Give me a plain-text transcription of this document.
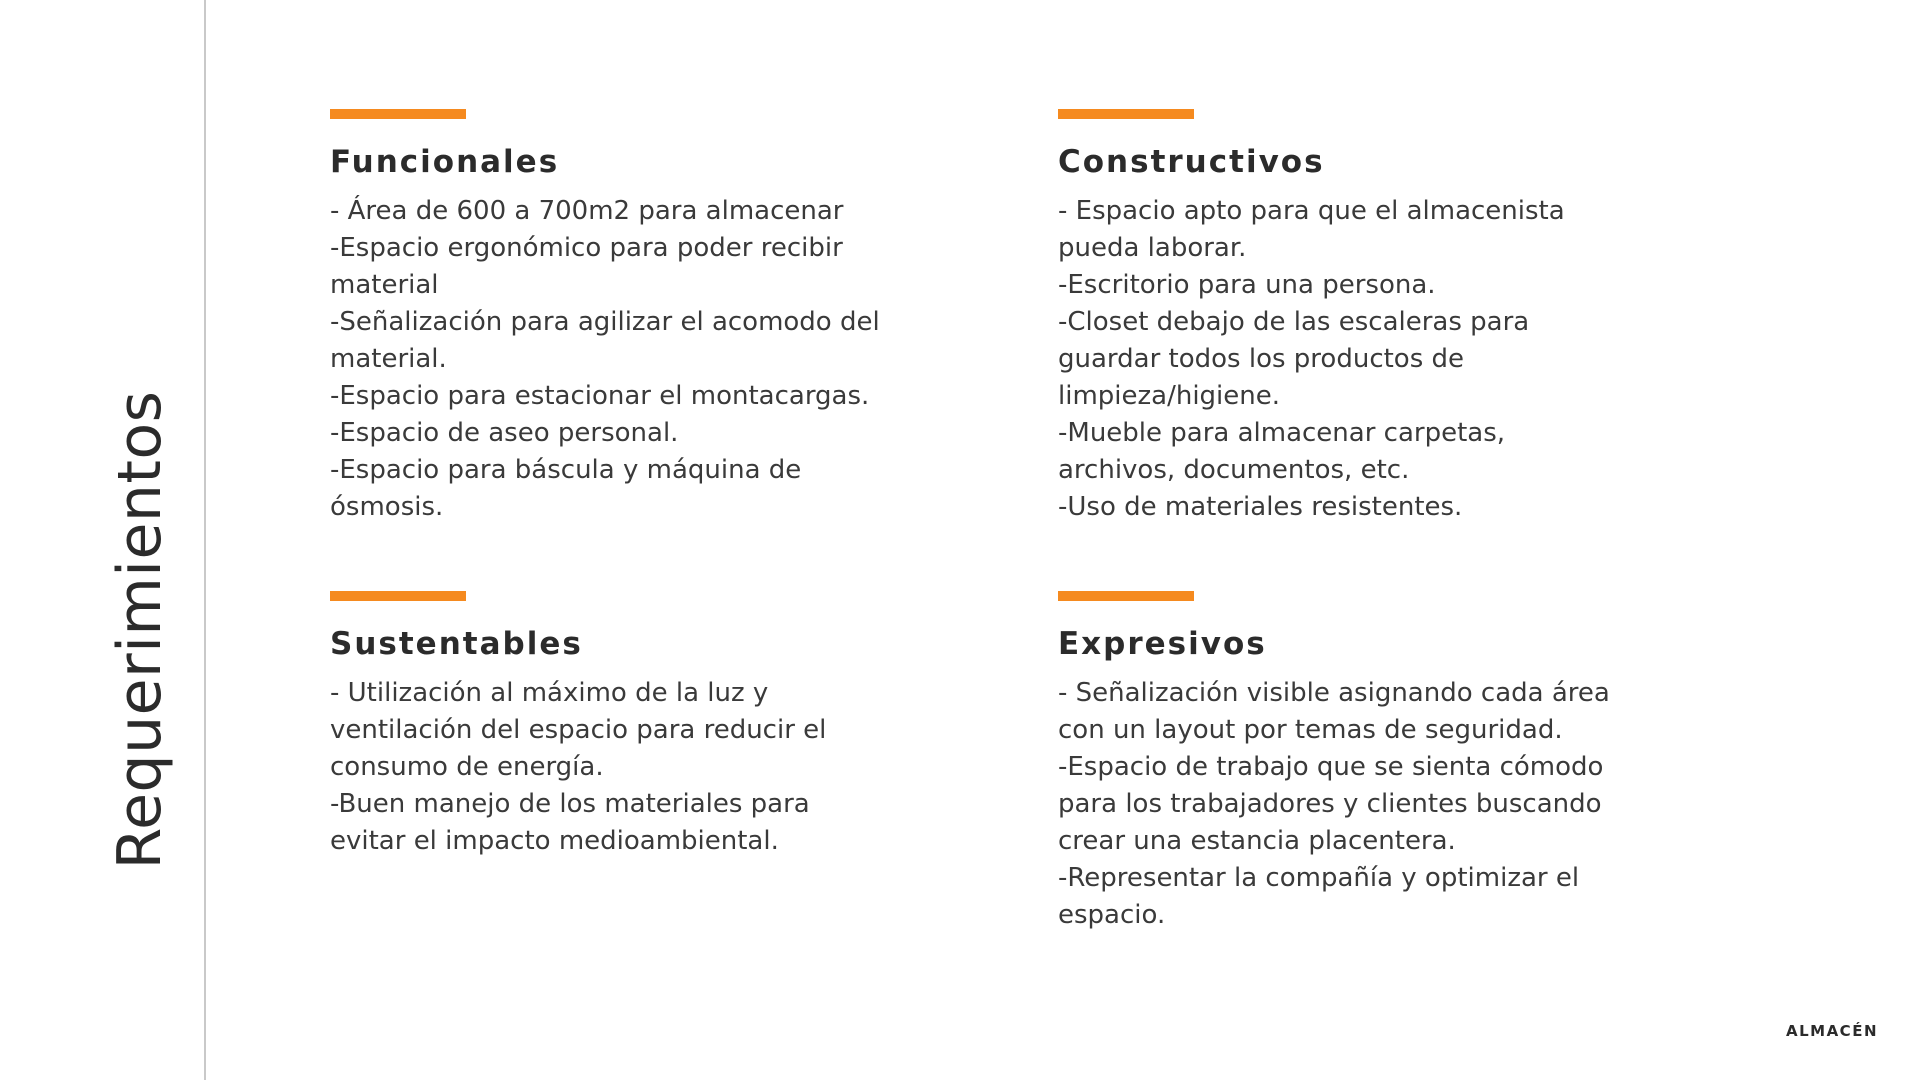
Requerimientos
Funcionales
- Área de 600 a 700m2 para almacenar
-Espacio ergonómico para poder recibir material
-Señalización para agilizar el acomodo del material.
-Espacio para estacionar el montacargas.
-Espacio de aseo personal.
-Espacio para báscula y máquina de ósmosis.
Constructivos
- Espacio apto para que el almacenista pueda laborar.
-Escritorio para una persona.
-Closet debajo de las escaleras para guardar todos los productos de limpieza/higiene.
-Mueble para almacenar carpetas, archivos, documentos, etc.
-Uso de materiales resistentes.
Sustentables
- Utilización al máximo de la luz y ventilación del espacio para reducir el consumo de energía.
-Buen manejo de los materiales para evitar el impacto medioambiental.
Expresivos
- Señalización visible asignando cada área con un layout por temas de seguridad.
-Espacio de trabajo que se sienta cómodo para los trabajadores y clientes buscando crear una estancia placentera.
-Representar la compañía y optimizar el espacio.
ALMACÉN
